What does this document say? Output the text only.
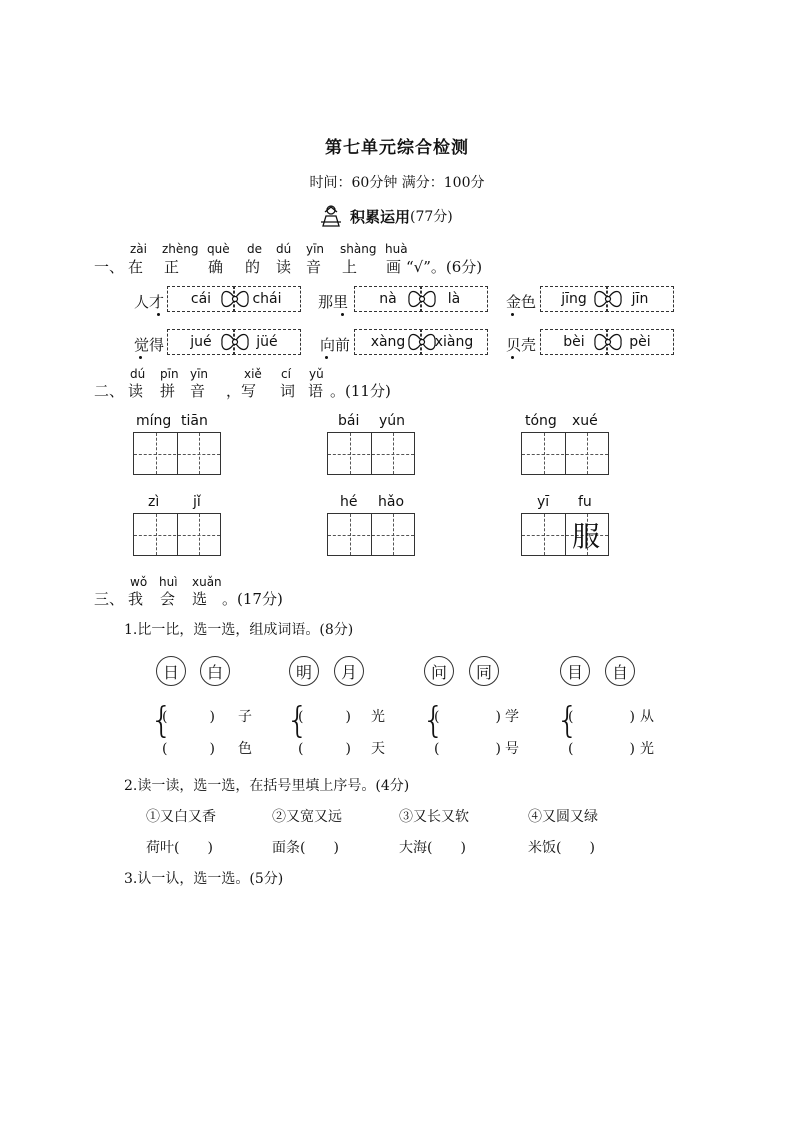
第七单元综合检测
时间：60分钟 满分：100分
积累运用 (77分)
一、
zài zhèng què de dú yīn shàng huà
在 正 确 的 读 音 上 画 “√”。(6分)
人才	cái	chái	那里	nà	là	金色	jīng	jīn
觉得	jué	jüé	向前	xàng	xiàng	贝壳	bèi	pèi
二、
dú pīn yīn	xiě cí yǔ
读 拼 音 ，写 词 语 。(11分)
míng tiān	bái yún	tóng xué
zì jǐ	hé hǎo	yī fu
服
三、
wǒ huì xuǎn
我 会 选 。(17分)
1.比一比，选一选，组成词语。(8分)
日	白	明	月	问	同	目	自
{
(　　　) 子
(　　　) 色
{
(　　　) 光
(　　　) 天
{
(　　　　) 学
(　　　　) 号
{
(　　　　) 从
(　　　　) 光
2.读一读，选一选，在括号里填上序号。(4分)
①又白又香	②又宽又远	③又长又软	④又圆又绿
荷叶(　　)	面条(　　)	大海(　　)	米饭(　　)
3.认一认，选一选。(5分)
